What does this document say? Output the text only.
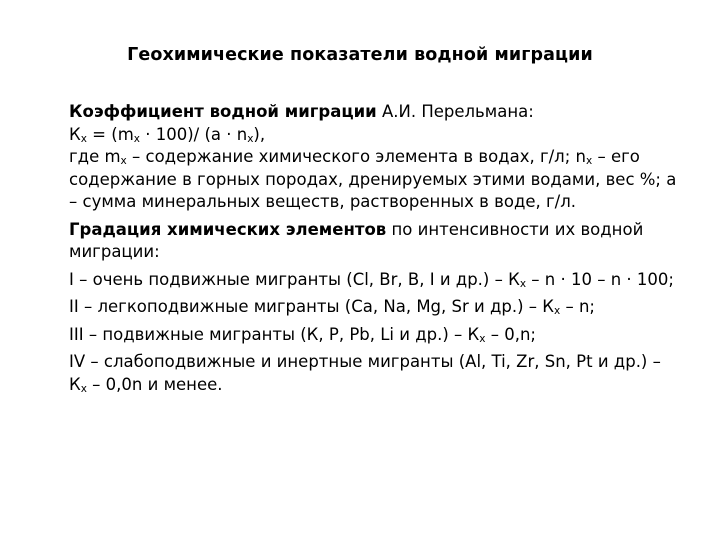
Геохимические показатели водной миграции

Коэффициент водной миграции А.И. Перельмана:

$К_х = (m_х \cdot 100)/$ $(a \cdot n_х)$,

где $m_х$ – содержание химического элемента в водах, г/л; $n_х$ – его содержание в горных породах, дренируемых этими водами, вес %; а – сумма минеральных веществ, растворенных в воде, г/л.

Градация химических элементов по интенсивности их водной миграции:

I – очень подвижные мигранты (Cl, Br, B, I и $др.) - К_х - n \cdot 10 - n \cdot 100$;

II – легкоподвижные мигранты (Са, Na, Mg, Sr и $др.) - К_х$ – n;

III – подвижные мигранты (К, Р, Pb, Li и $др.) - К_х - 0,n$;

IV – слабоподвижные и инертные мигранты (Al, Ti, Zr, Sn, Pt и $др.) - К_х - 0,0n$ и менее.
